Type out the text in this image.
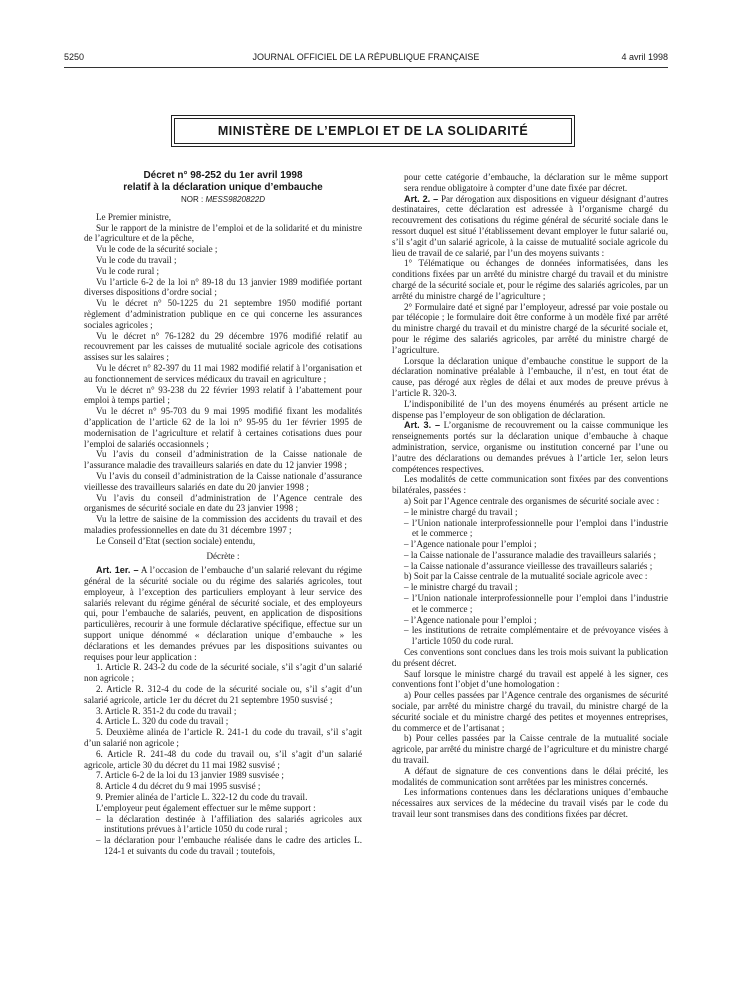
5250	JOURNAL OFFICIEL DE LA RÉPUBLIQUE FRANÇAISE	4 avril 1998
MINISTÈRE DE L’EMPLOI ET DE LA SOLIDARITÉ

Décret n° 98-252 du 1er avril 1998

relatif à la déclaration unique d’embauche

NOR : MESS9820822D

Le Premier ministre,

Sur le rapport de la ministre de l’emploi et de la solidarité et du ministre de l’agriculture et de la pêche,

Vu le code de la sécurité sociale ;

Vu le code du travail ;

Vu le code rural ;

Vu l’article 6-2 de la loi n° 89-18 du 13 janvier 1989 modifiée portant diverses dispositions d’ordre social ;

Vu le décret n° 50-1225 du 21 septembre 1950 modifié portant règlement d’administration publique en ce qui concerne les assurances sociales agricoles ;

Vu le décret n° 76-1282 du 29 décembre 1976 modifié relatif au recouvrement par les caisses de mutualité sociale agricole des cotisations assises sur les salaires ;

Vu le décret n° 82-397 du 11 mai 1982 modifié relatif à l’organisation et au fonctionnement de services médicaux du travail en agriculture ;

Vu le décret n° 93-238 du 22 février 1993 relatif à l’abattement pour emploi à temps partiel ;

Vu le décret n° 95-703 du 9 mai 1995 modifié fixant les modalités d’application de l’article 62 de la loi n° 95-95 du 1er février 1995 de modernisation de l’agriculture et relatif à certaines cotisations dues pour l’emploi de salariés occasionnels ;

Vu l’avis du conseil d’administration de la Caisse nationale de l’assurance maladie des travailleurs salariés en date du 12 janvier 1998 ;

Vu l’avis du conseil d’administration de la Caisse nationale d’assurance vieillesse des travailleurs salariés en date du 20 janvier 1998 ;

Vu l’avis du conseil d’administration de l’Agence centrale des organismes de sécurité sociale en date du 23 janvier 1998 ;

Vu la lettre de saisine de la commission des accidents du travail et des maladies professionnelles en date du 31 décembre 1997 ;

Le Conseil d’Etat (section sociale) entendu,

Décrète :

Art. 1er. – A l’occasion de l’embauche d’un salarié relevant du régime général de la sécurité sociale ou du régime des salariés agricoles, tout employeur, à l’exception des particuliers employant à leur service des salariés relevant du régime général de sécurité sociale, et des employeurs qui, pour l’embauche de salariés, peuvent, en application de dispositions particulières, recourir à une formule déclarative spécifique, effectue sur un support unique dénommé « déclaration unique d’embauche » les déclarations et les demandes prévues par les dispositions suivantes ou requises pour leur application :

1. Article R. 243-2 du code de la sécurité sociale, s’il s’agit d’un salarié non agricole ;

2. Article R. 312-4 du code de la sécurité sociale ou, s’il s’agit d’un salarié agricole, article 1er du décret du 21 septembre 1950 susvisé ;

3. Article R. 351-2 du code du travail ;

4. Article L. 320 du code du travail ;

5. Deuxième alinéa de l’article R. 241-1 du code du travail, s’il s’agit d’un salarié non agricole ;

6. Article R. 241-48 du code du travail ou, s’il s’agit d’un salarié agricole, article 30 du décret du 11 mai 1982 susvisé ;

7. Article 6-2 de la loi du 13 janvier 1989 susvisée ;

8. Article 4 du décret du 9 mai 1995 susvisé ;

9. Premier alinéa de l’article L. 322-12 du code du travail.

L’employeur peut également effectuer sur le même support :

– la déclaration destinée à l’affiliation des salariés agricoles aux institutions prévues à l’article 1050 du code rural ;

– la déclaration pour l’embauche réalisée dans le cadre des articles L. 124-1 et suivants du code du travail ; toutefois,

pour cette catégorie d’embauche, la déclaration sur le même support sera rendue obligatoire à compter d’une date fixée par décret.

Art. 2. – Par dérogation aux dispositions en vigueur désignant d’autres destinataires, cette déclaration est adressée à l’organisme chargé du recouvrement des cotisations du régime général de sécurité sociale dans le ressort duquel est situé l’établissement devant employer le futur salarié ou, s’il s’agit d’un salarié agricole, à la caisse de mutualité sociale agricole du lieu de travail de ce salarié, par l’un des moyens suivants :

1° Télématique ou échanges de données informatisées, dans les conditions fixées par un arrêté du ministre chargé du travail et du ministre chargé de la sécurité sociale et, pour le régime des salariés agricoles, par un arrêté du ministre chargé de l’agriculture ;

2° Formulaire daté et signé par l’employeur, adressé par voie postale ou par télécopie ; le formulaire doit être conforme à un modèle fixé par arrêté du ministre chargé du travail et du ministre chargé de la sécurité sociale et, pour le régime des salariés agricoles, par arrêté du ministre chargé de l’agriculture.

Lorsque la déclaration unique d’embauche constitue le support de la déclaration nominative préalable à l’embauche, il n’est, en tout état de cause, pas dérogé aux règles de délai et aux modes de preuve prévus à l’article R. 320-3.

L’indisponibilité de l’un des moyens énumérés au présent article ne dispense pas l’employeur de son obligation de déclaration.

Art. 3. – L’organisme de recouvrement ou la caisse communique les renseignements portés sur la déclaration unique d’embauche à chaque administration, service, organisme ou institution concerné par l’une ou l’autre des déclarations ou demandes prévues à l’article 1er, selon leurs compétences respectives.

Les modalités de cette communication sont fixées par des conventions bilatérales, passées :

a) Soit par l’Agence centrale des organismes de sécurité sociale avec :

– le ministre chargé du travail ;

– l’Union nationale interprofessionnelle pour l’emploi dans l’industrie et le commerce ;

– l’Agence nationale pour l’emploi ;

– la Caisse nationale de l’assurance maladie des travailleurs salariés ;

– la Caisse nationale d’assurance vieillesse des travailleurs salariés ;

b) Soit par la Caisse centrale de la mutualité sociale agricole avec :

– le ministre chargé du travail ;

– l’Union nationale interprofessionnelle pour l’emploi dans l’industrie et le commerce ;

– l’Agence nationale pour l’emploi ;

– les institutions de retraite complémentaire et de prévoyance visées à l’article 1050 du code rural.

Ces conventions sont conclues dans les trois mois suivant la publication du présent décret.

Sauf lorsque le ministre chargé du travail est appelé à les signer, ces conventions font l’objet d’une homologation :

a) Pour celles passées par l’Agence centrale des organismes de sécurité sociale, par arrêté du ministre chargé du travail, du ministre chargé de la sécurité sociale et du ministre chargé des petites et moyennes entreprises, du commerce et de l’artisanat ;

b) Pour celles passées par la Caisse centrale de la mutualité sociale agricole, par arrêté du ministre chargé de l’agriculture et du ministre chargé du travail.

A défaut de signature de ces conventions dans le délai précité, les modalités de communication sont arrêtées par les ministres concernés.

Les informations contenues dans les déclarations uniques d’embauche nécessaires aux services de la médecine du travail visés par le code du travail leur sont transmises dans des conditions fixées par décret.
